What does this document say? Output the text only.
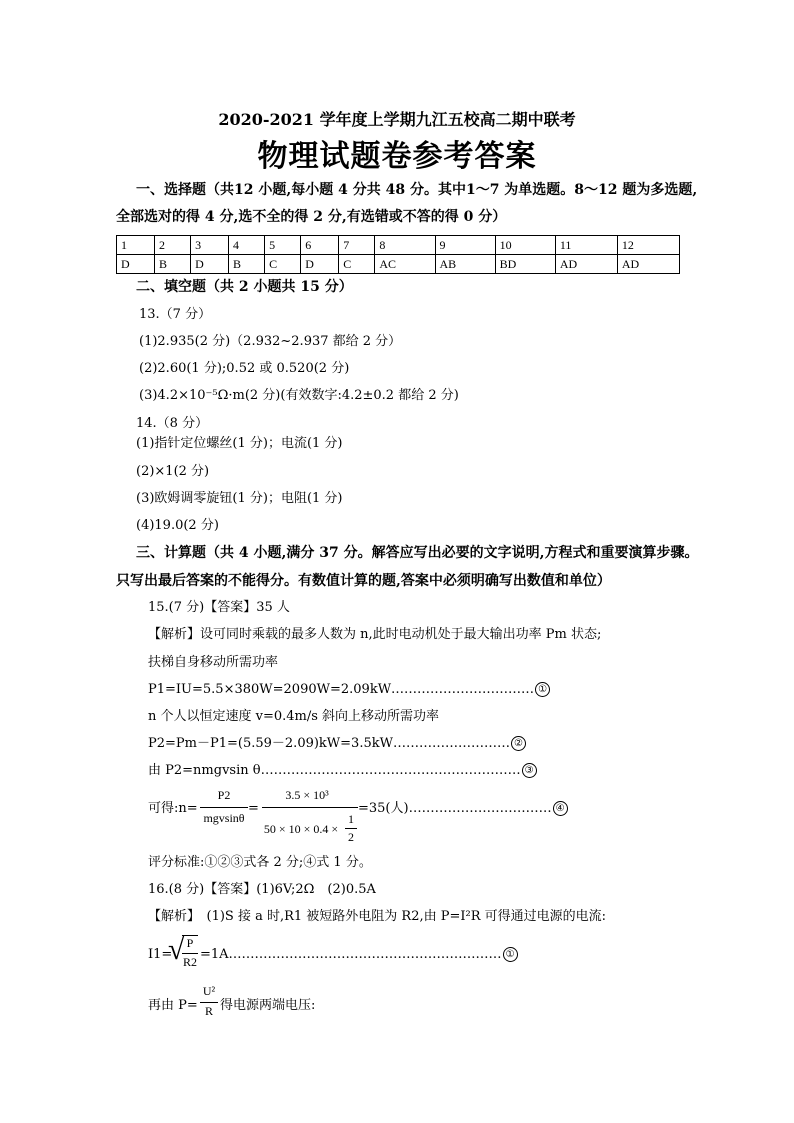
2020-2021 学年度上学期九江五校高二期中联考
物理试题卷参考答案
一、选择题（共12 小题,每小题 4 分共 48 分。其中1～7 为单选题。8～12 题为多选题,
全部选对的得 4 分,选不全的得 2 分,有选错或不答的得 0 分）
1	2	3	4	5	6	7	8	9	10	11	12
D	B	D	B	C	D	C	AC	AB	BD	AD	AD
二、填空题（共 2 小题共 15 分）
13.（7 分）
(1)2.935(2 分)（2.932~2.937 都给 2 分）
(2)2.60(1 分);0.52 或 0.520(2 分)
(3)4.2×10⁻⁵Ω·m(2 分)(有效数字:4.2±0.2 都给 2 分)
14.（8 分）
(1)指针定位螺丝(1 分)；电流(1 分)
(2)×1(2 分)
(3)欧姆调零旋钮(1 分)；电阻(1 分)
(4)19.0(2 分)
三、计算题（共 4 小题,满分 37 分。解答应写出必要的文字说明,方程式和重要演算步骤。
只写出最后答案的不能得分。有数值计算的题,答案中必须明确写出数值和单位）
15.(7 分)【答案】35 人
【解析】设可同时乘载的最多人数为 n,此时电动机处于最大输出功率 Pm 状态;
扶梯自身移动所需功率
P1=IU=5.5×380W=2090W=2.09kW…………………………… ①
n 个人以恒定速度 v=0.4m/s 斜向上移动所需功率
P2=Pm－P1=(5.59－2.09)kW=3.5kW……………………… ②
由 P2=nmgvsin θ…………………………………………………… ③
可得:n=
P2
mgvsinθ
=
3.5 × 10³
50 × 10 × 0.4 ×
1
2
=35(人)…………………………… ④
评分标准:①②③式各 2 分;④式 1 分。
16.(8 分)【答案】(1)6V;2Ω　(2)0.5A
【解析】　(1)S 接 a 时,R1 被短路外电阻为 R2,由 P=I²R 可得通过电源的电流:
I1=
√ P
R2 =1A……………………………………………………… ①
再由 P=
U²
R 得电源两端电压:
